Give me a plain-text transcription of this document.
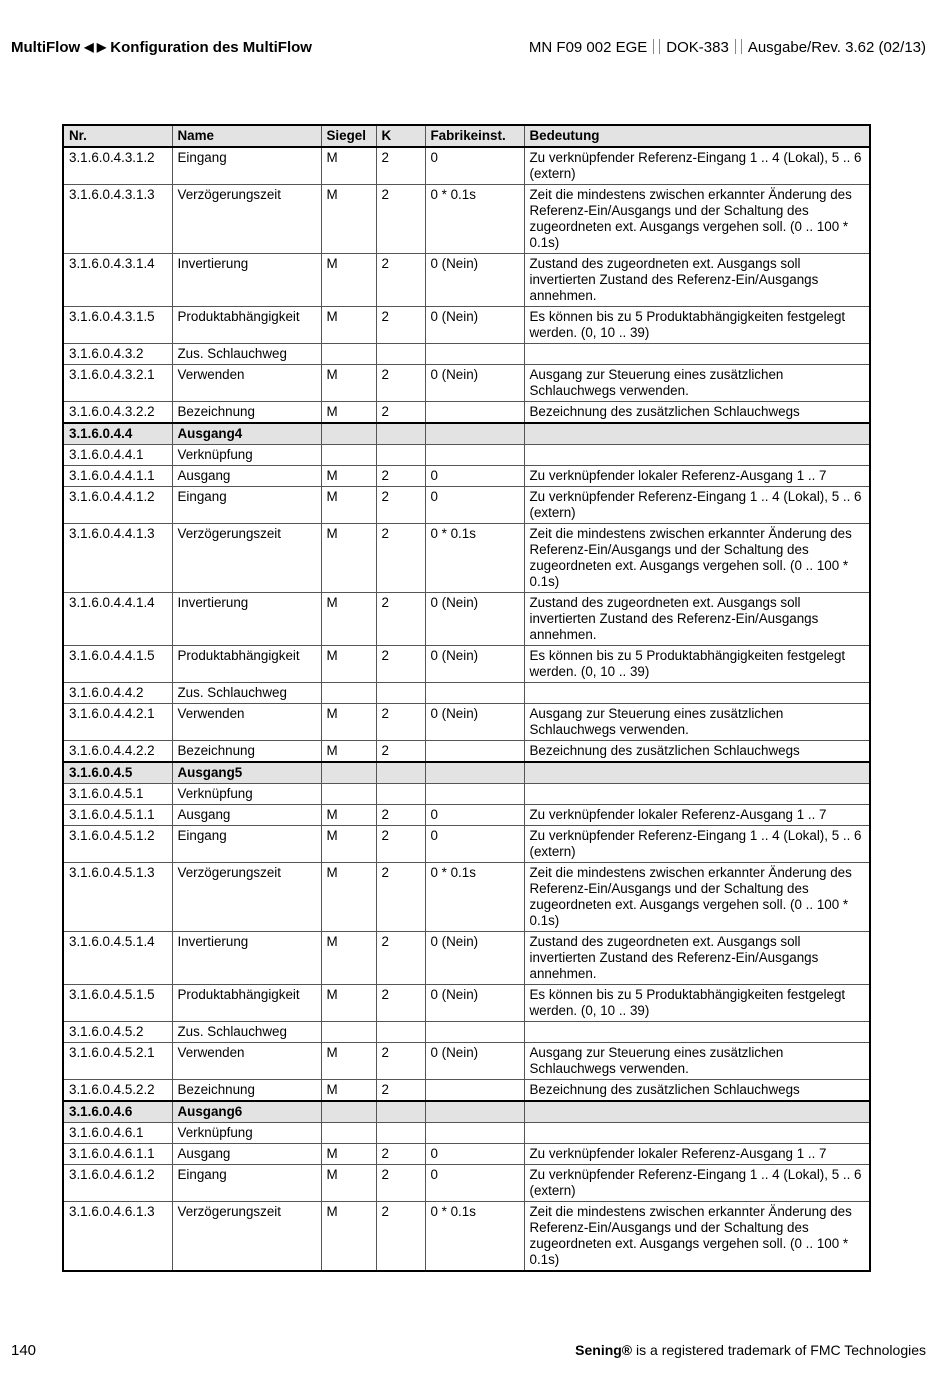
MultiFlow ◀ ▶ Konfiguration des MultiFlow	MN F09 002 EGE DOK-383 Ausgabe/Rev. 3.62 (02/13)
Nr.	Name	Siegel	K	Fabrikeinst.	Bedeutung
3.1.6.0.4.3.1.2	Eingang	M	2	0	Zu verknüpfender Referenz-Eingang 1 .. 4 (Lokal), 5 .. 6 (extern)
3.1.6.0.4.3.1.3	Verzögerungszeit	M	2	0 * 0.1s	Zeit die mindestens zwischen erkannter Änderung des Referenz-Ein/Ausgangs und der Schaltung des zugeordneten ext. Ausgangs vergehen soll. (0 .. 100 * 0.1s)
3.1.6.0.4.3.1.4	Invertierung	M	2	0 (Nein)	Zustand des zugeordneten ext. Ausgangs soll invertierten Zustand des Referenz-Ein/Ausgangs annehmen.
3.1.6.0.4.3.1.5	Produktabhängigkeit	M	2	0 (Nein)	Es können bis zu 5 Produktabhängigkeiten festgelegt werden. (0, 10 .. 39)
3.1.6.0.4.3.2	Zus. Schlauchweg				
3.1.6.0.4.3.2.1	Verwenden	M	2	0 (Nein)	Ausgang zur Steuerung eines zusätzlichen Schlauchwegs verwenden.
3.1.6.0.4.3.2.2	Bezeichnung	M	2		Bezeichnung des zusätzlichen Schlauchwegs
3.1.6.0.4.4	Ausgang4				
3.1.6.0.4.4.1	Verknüpfung				
3.1.6.0.4.4.1.1	Ausgang	M	2	0	Zu verknüpfender lokaler Referenz-Ausgang 1 .. 7
3.1.6.0.4.4.1.2	Eingang	M	2	0	Zu verknüpfender Referenz-Eingang 1 .. 4 (Lokal), 5 .. 6 (extern)
3.1.6.0.4.4.1.3	Verzögerungszeit	M	2	0 * 0.1s	Zeit die mindestens zwischen erkannter Änderung des Referenz-Ein/Ausgangs und der Schaltung des zugeordneten ext. Ausgangs vergehen soll. (0 .. 100 * 0.1s)
3.1.6.0.4.4.1.4	Invertierung	M	2	0 (Nein)	Zustand des zugeordneten ext. Ausgangs soll invertierten Zustand des Referenz-Ein/Ausgangs annehmen.
3.1.6.0.4.4.1.5	Produktabhängigkeit	M	2	0 (Nein)	Es können bis zu 5 Produktabhängigkeiten festgelegt werden. (0, 10 .. 39)
3.1.6.0.4.4.2	Zus. Schlauchweg				
3.1.6.0.4.4.2.1	Verwenden	M	2	0 (Nein)	Ausgang zur Steuerung eines zusätzlichen Schlauchwegs verwenden.
3.1.6.0.4.4.2.2	Bezeichnung	M	2		Bezeichnung des zusätzlichen Schlauchwegs
3.1.6.0.4.5	Ausgang5				
3.1.6.0.4.5.1	Verknüpfung				
3.1.6.0.4.5.1.1	Ausgang	M	2	0	Zu verknüpfender lokaler Referenz-Ausgang 1 .. 7
3.1.6.0.4.5.1.2	Eingang	M	2	0	Zu verknüpfender Referenz-Eingang 1 .. 4 (Lokal), 5 .. 6 (extern)
3.1.6.0.4.5.1.3	Verzögerungszeit	M	2	0 * 0.1s	Zeit die mindestens zwischen erkannter Änderung des Referenz-Ein/Ausgangs und der Schaltung des zugeordneten ext. Ausgangs vergehen soll. (0 .. 100 * 0.1s)
3.1.6.0.4.5.1.4	Invertierung	M	2	0 (Nein)	Zustand des zugeordneten ext. Ausgangs soll invertierten Zustand des Referenz-Ein/Ausgangs annehmen.
3.1.6.0.4.5.1.5	Produktabhängigkeit	M	2	0 (Nein)	Es können bis zu 5 Produktabhängigkeiten festgelegt werden. (0, 10 .. 39)
3.1.6.0.4.5.2	Zus. Schlauchweg				
3.1.6.0.4.5.2.1	Verwenden	M	2	0 (Nein)	Ausgang zur Steuerung eines zusätzlichen Schlauchwegs verwenden.
3.1.6.0.4.5.2.2	Bezeichnung	M	2		Bezeichnung des zusätzlichen Schlauchwegs
3.1.6.0.4.6	Ausgang6				
3.1.6.0.4.6.1	Verknüpfung				
3.1.6.0.4.6.1.1	Ausgang	M	2	0	Zu verknüpfender lokaler Referenz-Ausgang 1 .. 7
3.1.6.0.4.6.1.2	Eingang	M	2	0	Zu verknüpfender Referenz-Eingang 1 .. 4 (Lokal), 5 .. 6 (extern)
3.1.6.0.4.6.1.3	Verzögerungszeit	M	2	0 * 0.1s	Zeit die mindestens zwischen erkannter Änderung des Referenz-Ein/Ausgangs und der Schaltung des zugeordneten ext. Ausgangs vergehen soll. (0 .. 100 * 0.1s)
140	Sening® is a registered trademark of FMC Technologies
